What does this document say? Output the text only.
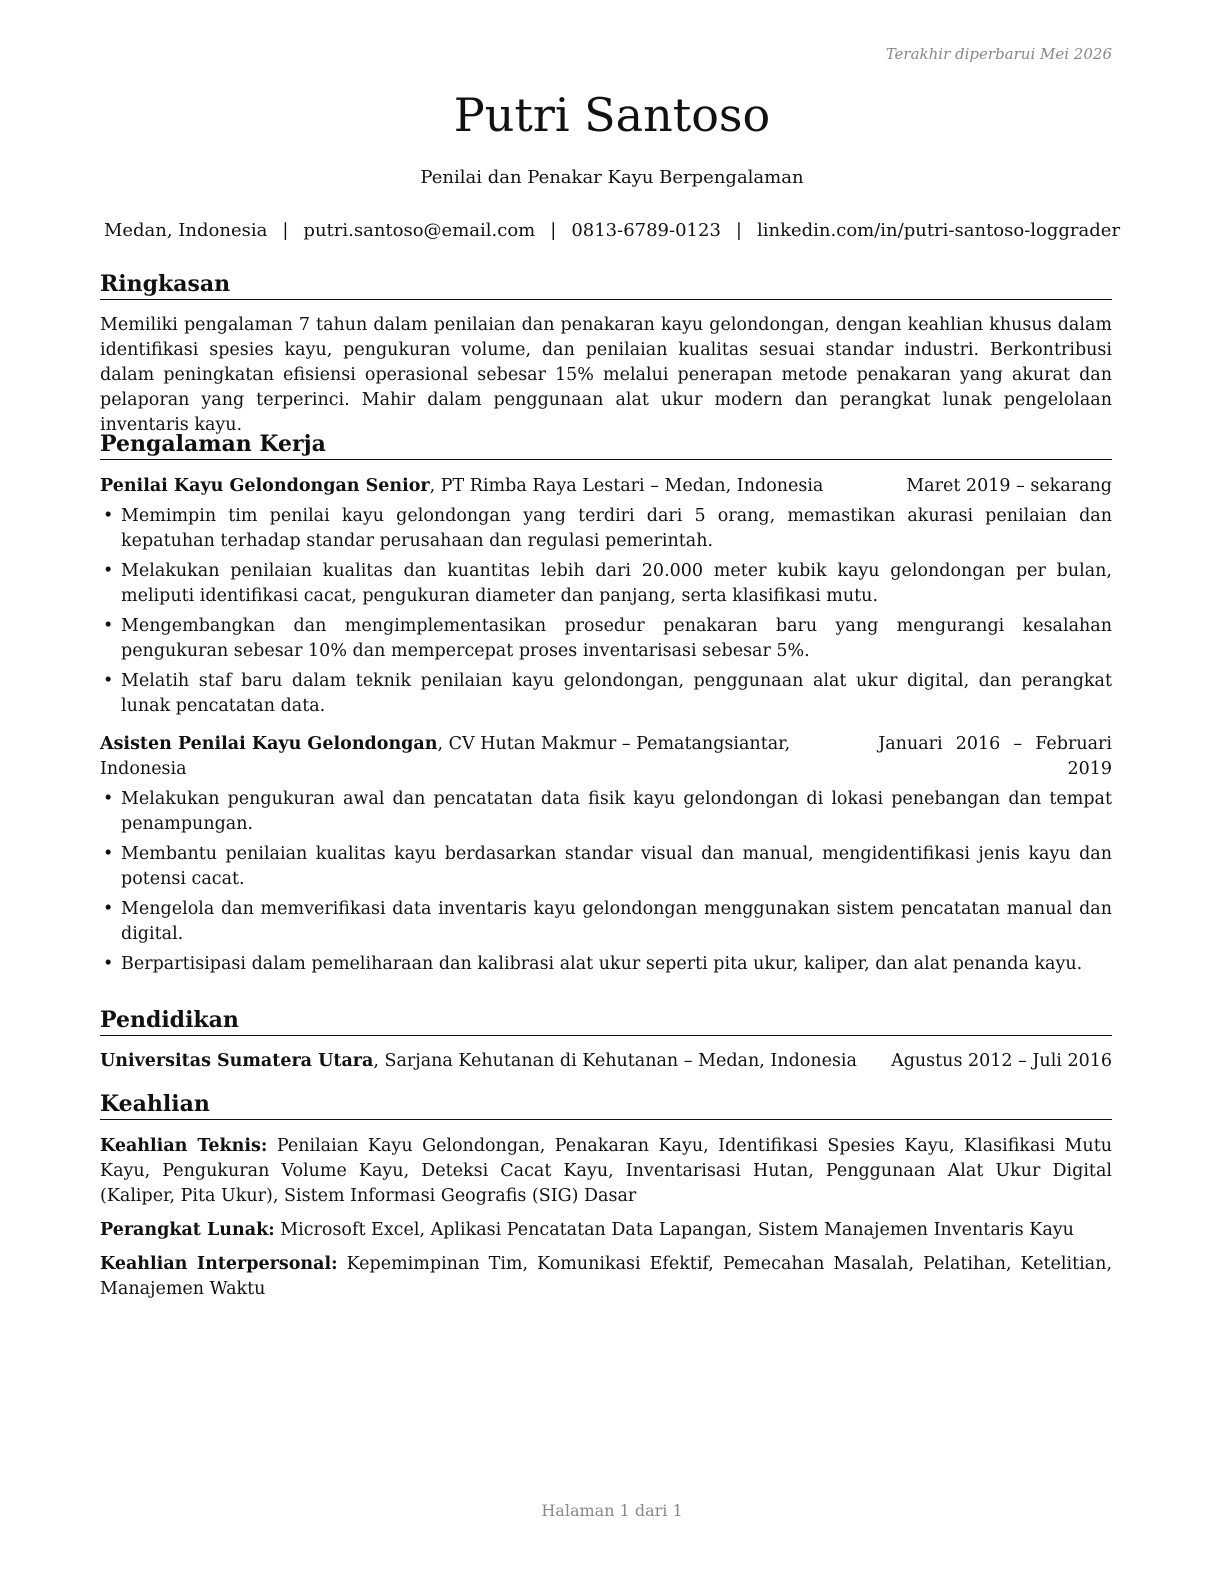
Terakhir diperbarui Mei 2026
Putri Santoso
Penilai dan Penakar Kayu Berpengalaman
Medan, Indonesia | putri.santoso@email.com | 0813-6789-0123 | linkedin.com/in/putri-santoso-loggrader
Ringkasan
Memiliki pengalaman 7 tahun dalam penilaian dan penakaran kayu gelondongan, dengan keahlian khusus dalam identifikasi spesies kayu, pengukuran volume, dan penilaian kualitas sesuai standar industri. Berkontribusi dalam peningkatan efisiensi operasional sebesar 15% melalui penerapan metode penakaran yang akurat dan pelaporan yang terperinci. Mahir dalam penggunaan alat ukur modern dan perangkat lunak pengelolaan inventaris kayu.
Pengalaman Kerja
Penilai Kayu Gelondongan Senior, PT Rimba Raya Lestari – Medan, Indonesia	Maret 2019 – sekarang
• Memimpin tim penilai kayu gelondongan yang terdiri dari 5 orang, memastikan akurasi penilaian dan kepatuhan terhadap standar perusahaan dan regulasi pemerintah.
• Melakukan penilaian kualitas dan kuantitas lebih dari 20.000 meter kubik kayu gelondongan per bulan, meliputi identifikasi cacat, pengukuran diameter dan panjang, serta klasifikasi mutu.
• Mengembangkan dan mengimplementasikan prosedur penakaran baru yang mengurangi kesalahan pengukuran sebesar 10% dan mempercepat proses inventarisasi sebesar 5%.
• Melatih staf baru dalam teknik penilaian kayu gelondongan, penggunaan alat ukur digital, dan perangkat lunak pencatatan data.
Asisten Penilai Kayu Gelondongan, CV Hutan Makmur – Pematangsiantar, Indonesia
Januari 2016 – Februari 2019
• Melakukan pengukuran awal dan pencatatan data fisik kayu gelondongan di lokasi penebangan dan tempat penampungan.
• Membantu penilaian kualitas kayu berdasarkan standar visual dan manual, mengidentifikasi jenis kayu dan potensi cacat.
• Mengelola dan memverifikasi data inventaris kayu gelondongan menggunakan sistem pencatatan manual dan digital.
• Berpartisipasi dalam pemeliharaan dan kalibrasi alat ukur seperti pita ukur, kaliper, dan alat penanda kayu.
Pendidikan
Universitas Sumatera Utara, Sarjana Kehutanan di Kehutanan – Medan, Indonesia Agustus 2012 – Juli 2016
Keahlian
Keahlian Teknis: Penilaian Kayu Gelondongan, Penakaran Kayu, Identifikasi Spesies Kayu, Klasifikasi Mutu Kayu, Pengukuran Volume Kayu, Deteksi Cacat Kayu, Inventarisasi Hutan, Penggunaan Alat Ukur Digital (Kaliper, Pita Ukur), Sistem Informasi Geografis (SIG) Dasar
Perangkat Lunak: Microsoft Excel, Aplikasi Pencatatan Data Lapangan, Sistem Manajemen Inventaris Kayu
Keahlian Interpersonal: Kepemimpinan Tim, Komunikasi Efektif, Pemecahan Masalah, Pelatihan, Ketelitian, Manajemen Waktu
Halaman 1 dari 1
